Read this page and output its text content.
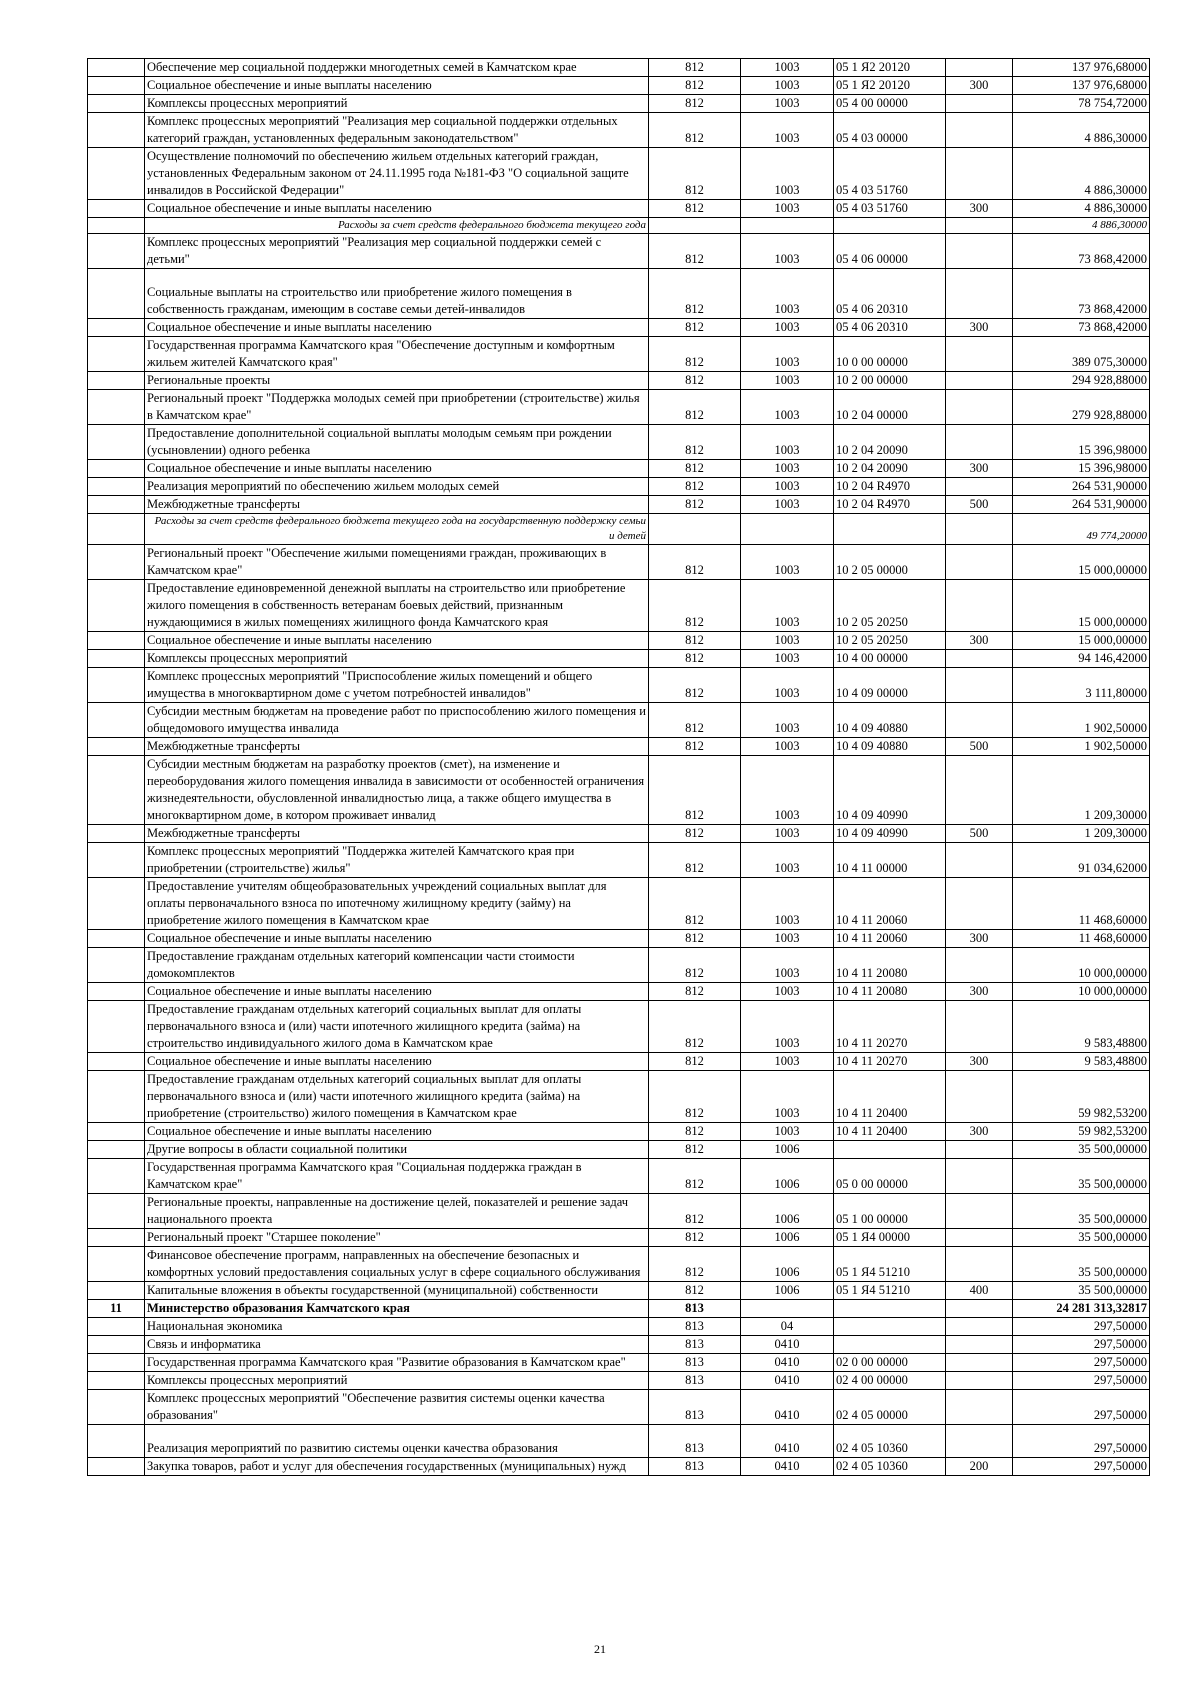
	Обеспечение мер социальной поддержки многодетных семей в Камчатском крае	812	1003	05 1 Я2 20120		137 976,68000
	Социальное обеспечение и иные выплаты населению	812	1003	05 1 Я2 20120	300	137 976,68000
	Комплексы процессных мероприятий	812	1003	05 4 00 00000		78 754,72000
	Комплекс процессных мероприятий "Реализация мер социальной поддержки отдельных категорий граждан, установленных федеральным законодательством"	812	1003	05 4 03 00000		4 886,30000
	Осуществление полномочий по обеспечению жильем отдельных категорий граждан, установленных Федеральным законом от 24.11.1995 года №181-ФЗ "О социальной защите инвалидов в Российской Федерации"	812	1003	05 4 03 51760		4 886,30000
	Социальное обеспечение и иные выплаты населению	812	1003	05 4 03 51760	300	4 886,30000
	Расходы за счет средств федерального бюджета текущего года					4 886,30000
	Комплекс процессных мероприятий "Реализация мер социальной поддержки семей с детьми"	812	1003	05 4 06 00000		73 868,42000
	Социальные выплаты на строительство или приобретение жилого помещения в собственность гражданам, имеющим в составе семьи детей-инвалидов	812	1003	05 4 06 20310		73 868,42000
	Социальное обеспечение и иные выплаты населению	812	1003	05 4 06 20310	300	73 868,42000
	Государственная программа Камчатского края "Обеспечение доступным и комфортным жильем жителей Камчатского края"	812	1003	10 0 00 00000		389 075,30000
	Региональные проекты	812	1003	10 2 00 00000		294 928,88000
	Региональный проект "Поддержка молодых семей при приобретении (строительстве) жилья в Камчатском крае"	812	1003	10 2 04 00000		279 928,88000
	Предоставление дополнительной социальной выплаты молодым семьям при рождении (усыновлении) одного ребенка	812	1003	10 2 04 20090		15 396,98000
	Социальное обеспечение и иные выплаты населению	812	1003	10 2 04 20090	300	15 396,98000
	Реализация мероприятий по обеспечению жильем молодых семей	812	1003	10 2 04 R4970		264 531,90000
	Межбюджетные трансферты	812	1003	10 2 04 R4970	500	264 531,90000
	Расходы за счет средств федерального бюджета текущего года на государственную поддержку семьи и детей					49 774,20000
	Региональный проект "Обеспечение жилыми помещениями граждан, проживающих в Камчатском крае"	812	1003	10 2 05 00000		15 000,00000
	Предоставление единовременной денежной выплаты на строительство или приобретение жилого помещения в собственность ветеранам боевых действий, признанным нуждающимися в жилых помещениях жилищного фонда Камчатского края	812	1003	10 2 05 20250		15 000,00000
	Социальное обеспечение и иные выплаты населению	812	1003	10 2 05 20250	300	15 000,00000
	Комплексы процессных мероприятий	812	1003	10 4 00 00000		94 146,42000
	Комплекс процессных мероприятий "Приспособление жилых помещений и общего имущества в многоквартирном доме с учетом потребностей инвалидов"	812	1003	10 4 09 00000		3 111,80000
	Субсидии местным бюджетам на проведение работ по приспособлению жилого помещения и общедомового имущества инвалида	812	1003	10 4 09 40880		1 902,50000
	Межбюджетные трансферты	812	1003	10 4 09 40880	500	1 902,50000
	Субсидии местным бюджетам на разработку проектов (смет), на изменение и переоборудования жилого помещения инвалида в зависимости от особенностей ограничения жизнедеятельности, обусловленной инвалидностью лица, а также общего имущества в многоквартирном доме, в котором проживает инвалид	812	1003	10 4 09 40990		1 209,30000
	Межбюджетные трансферты	812	1003	10 4 09 40990	500	1 209,30000
	Комплекс процессных мероприятий "Поддержка жителей Камчатского края при приобретении (строительстве) жилья"	812	1003	10 4 11 00000		91 034,62000
	Предоставление учителям общеобразовательных учреждений социальных выплат для оплаты первоначального взноса по ипотечному жилищному кредиту (займу) на приобретение жилого помещения в Камчатском крае	812	1003	10 4 11 20060		11 468,60000
	Социальное обеспечение и иные выплаты населению	812	1003	10 4 11 20060	300	11 468,60000
	Предоставление гражданам отдельных категорий компенсации части стоимости домокомплектов	812	1003	10 4 11 20080		10 000,00000
	Социальное обеспечение и иные выплаты населению	812	1003	10 4 11 20080	300	10 000,00000
	Предоставление гражданам отдельных категорий социальных выплат для оплаты первоначального взноса и (или) части ипотечного жилищного кредита (займа) на строительство индивидуального жилого дома в Камчатском крае	812	1003	10 4 11 20270		9 583,48800
	Социальное обеспечение и иные выплаты населению	812	1003	10 4 11 20270	300	9 583,48800
	Предоставление гражданам отдельных категорий социальных выплат для оплаты первоначального взноса и (или) части ипотечного жилищного кредита (займа) на приобретение (строительство) жилого помещения в Камчатском крае	812	1003	10 4 11 20400		59 982,53200
	Социальное обеспечение и иные выплаты населению	812	1003	10 4 11 20400	300	59 982,53200
	Другие вопросы в области социальной политики	812	1006			35 500,00000
	Государственная программа Камчатского края "Социальная поддержка граждан в Камчатском крае"	812	1006	05 0 00 00000		35 500,00000
	Региональные проекты, направленные на достижение целей, показателей и решение задач национального проекта	812	1006	05 1 00 00000		35 500,00000
	Региональный проект "Старшее поколение"	812	1006	05 1 Я4 00000		35 500,00000
	Финансовое обеспечение программ, направленных на обеспечение безопасных и комфортных условий предоставления социальных услуг в сфере социального обслуживания	812	1006	05 1 Я4 51210		35 500,00000
	Капитальные вложения в объекты государственной (муниципальной) собственности	812	1006	05 1 Я4 51210	400	35 500,00000
11	Министерство образования Камчатского края	813				24 281 313,32817
	Национальная экономика	813	04			297,50000
	Связь и информатика	813	0410			297,50000
	Государственная программа Камчатского края "Развитие образования в Камчатском крае"	813	0410	02 0 00 00000		297,50000
	Комплексы процессных мероприятий	813	0410	02 4 00 00000		297,50000
	Комплекс процессных мероприятий "Обеспечение развития системы оценки качества образования"	813	0410	02 4 05 00000		297,50000
	Реализация мероприятий по развитию системы оценки качества образования	813	0410	02 4 05 10360		297,50000
	Закупка товаров, работ и услуг для обеспечения государственных (муниципальных) нужд	813	0410	02 4 05 10360	200	297,50000
21
